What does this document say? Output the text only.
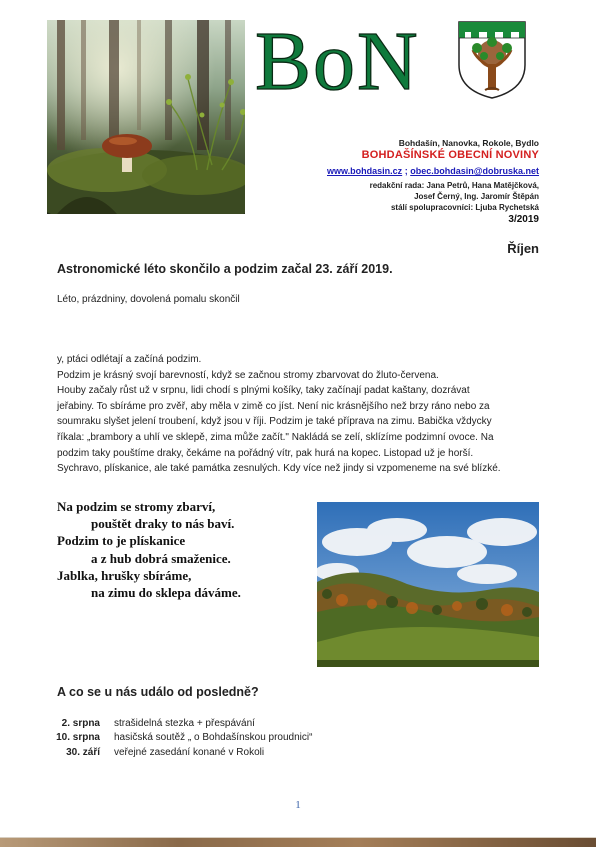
BoN
Bohdašín, Nanovka, Rokole, Bydlo
BOHDAŠÍNSKÉ OBECNÍ NOVINY
www.bohdasin.cz ; obec.bohdasin@dobruska.net
redakční rada: Jana Petrů, Hana Matějčková,
Josef Černý, Ing. Jaromír Štěpán
stálí spolupracovníci: Ljuba Rychetská
3/2019
Říjen
Astronomické léto skončilo a podzim začal 23. září 2019.
Léto, prázdniny, dovolená pomalu skončil

y, ptáci odlétají a začíná podzim.

Podzim je krásný svojí barevností, když se začnou stromy zbarvovat do žluto-červena.

Houby začaly růst už v srpnu, lidi chodí s plnými košíky, taky začínají padat kaštany, dozrávat

jeřabiny. To sbíráme pro zvěř, aby měla v zimě co jíst. Není nic krásnějšího než brzy ráno nebo za

soumraku slyšet jelení troubení, když jsou v říji. Podzim je také příprava na zimu. Babička vždycky

říkala: „brambory a uhlí ve sklepě, zima může začít." Nakládá se zelí, sklízíme podzimní ovoce. Na

podzim taky pouštíme draky, čekáme na pořádný vítr, pak hurá na kopec. Listopad už je horší.

Sychravo, plískanice, ale také památka zesnulých. Kdy více než jindy si vzpomeneme na své blízké.

Na podzim se stromy zbarví,
pouštět draky to nás baví.
Podzim to je plískanice
a z hub dobrá smaženice.
Jablka, hrušky sbíráme,
na zimu do sklepa dáváme.
A co se u nás událo od posledně?
2. srpna	strašidelná stezka + přespávání
10. srpna	hasičská soutěž „ o Bohdašínskou proudnici“
30. září	veřejné zasedání konané v Rokoli
1
